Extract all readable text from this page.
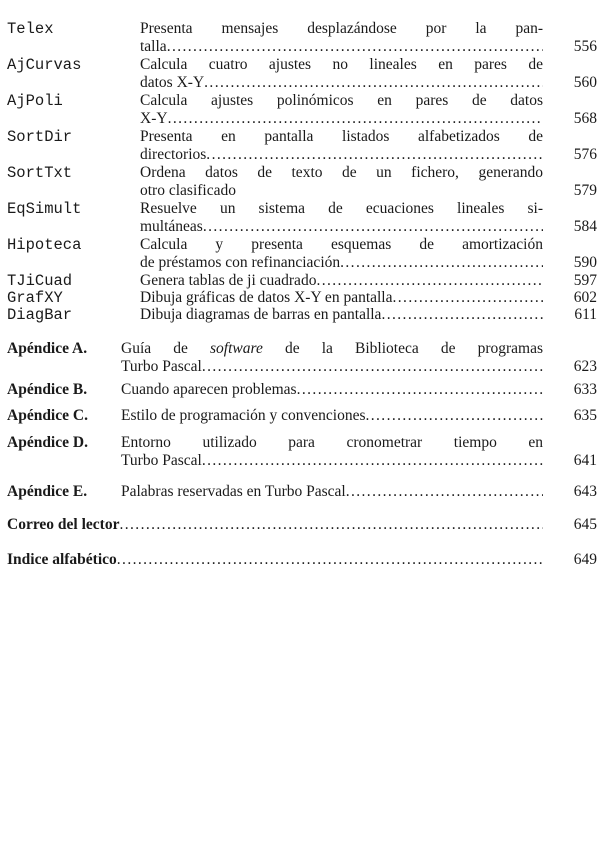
Telex	Presenta mensajes desplazándose por la pan-
talla .....	556
AjCurvas	Calcula cuatro ajustes no lineales en pares de
datos X-Y .....	560
AjPoli	Calcula ajustes polinómicos en pares de datos
X-Y .....	568
SortDir	Presenta en pantalla listados alfabetizados de
directorios .....	576
SortTxt	Ordena datos de texto de un fichero, generando
otro clasificado	579
EqSimult	Resuelve un sistema de ecuaciones lineales si-
multáneas .....	584
Hipoteca	Calcula y presenta esquemas de amortización
de préstamos con refinanciación .....	590
TJiCuad	Genera tablas de ji cuadrado .....	597
GrafXY	Dibuja gráficas de datos X-Y en pantalla .....	602
DiagBar	Dibuja diagramas de barras en pantalla .....	611
Apéndice A. Guía de software de la Biblioteca de programas
Turbo Pascal .....	623
Apéndice B. Cuando aparecen problemas .....	633
Apéndice C. Estilo de programación y convenciones .....	635
Apéndice D. Entorno utilizado para cronometrar tiempo en
Turbo Pascal .....	641
Apéndice E. Palabras reservadas en Turbo Pascal .....	643
Correo del lector .....	645
Indice alfabético .....	649
